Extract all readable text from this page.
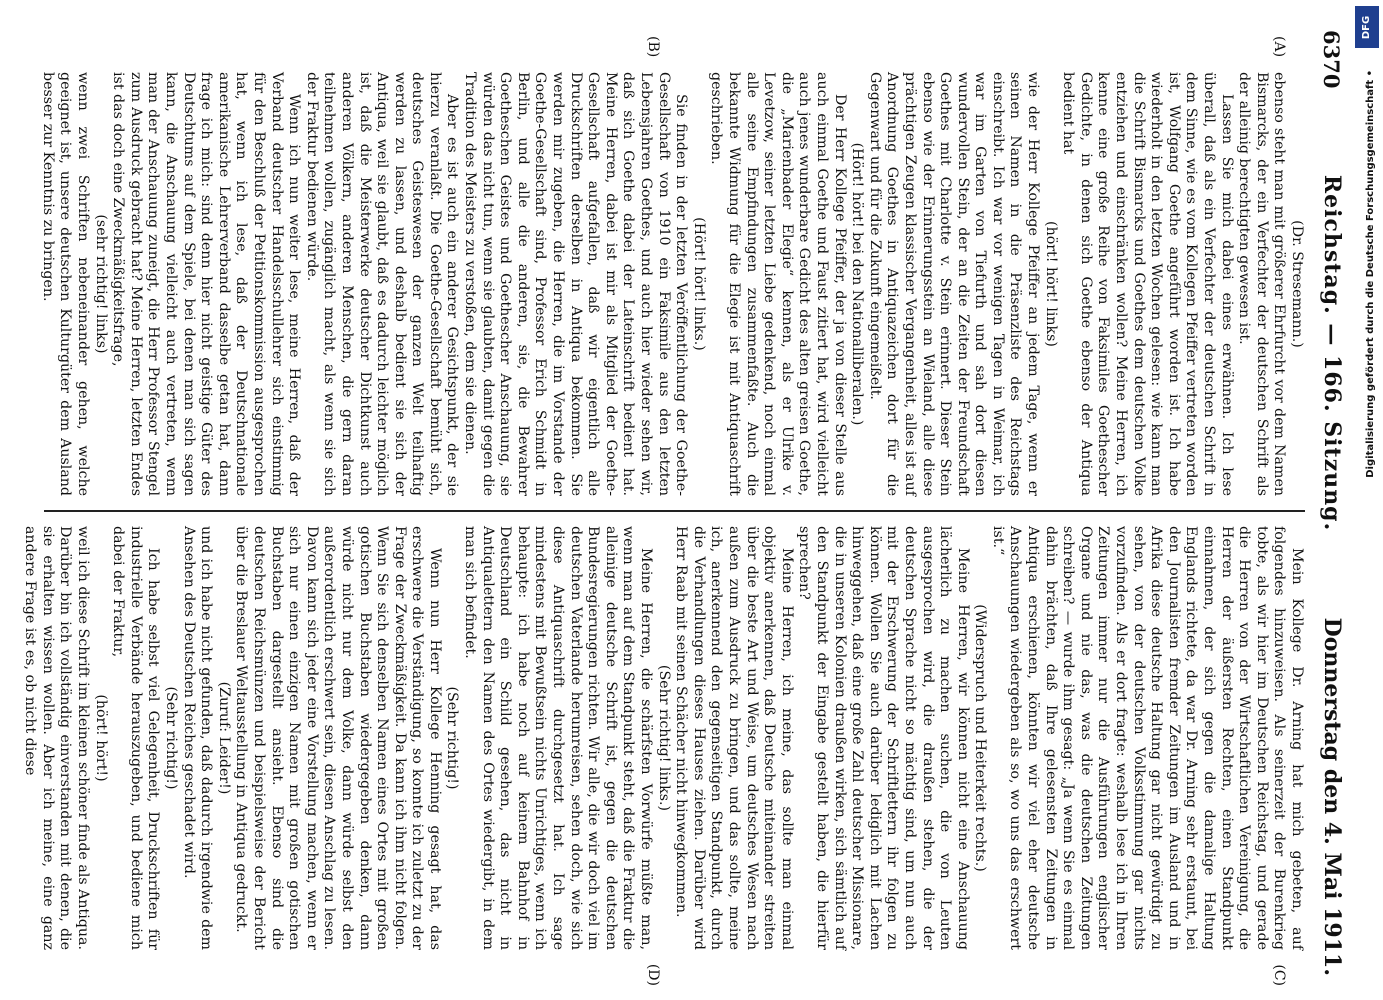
6370
Reichstag. — 166. Sitzung.
Donnerstag den 4. Mai 1911.
(A)
(B)
(C)
(D)

(Dr. Stresemann.)

ebenso steht man mit größerer Ehrfurcht vor dem Namen Bismarcks, der ein Verfechter der deutschen Schrift als der alleinig berechtigten gewesen ist.

Lassen Sie mich dabei eines erwähnen. Ich lese überall, daß als ein Verfechter der deutschen Schrift in dem Sinne, wie es vom Kollegen Pfeiffer vertreten worden ist, Wolfgang Goethe angeführt worden ist. Ich habe wiederholt in den letzten Wochen gelesen: wie kann man die Schrift Bismarcks und Goethes dem deutschen Volke entziehen und einschränken wollen? Meine Herren, ich kenne eine große Reihe von Faksimiles Goethescher Gedichte, in denen sich Goethe ebenso der Antiqua bedient hat

(hört! hört! links)

wie der Herr Kollege Pfeiffer an jedem Tage, wenn er seinen Namen in die Präsenzliste des Reichstags einschreibt. Ich war vor wenigen Tagen in Weimar, ich war im Garten von Tiefurth und sah dort diesen wundervollen Stein, der an die Zeiten der Freundschaft Goethes mit Charlotte v. Stein erinnert. Dieser Stein ebenso wie der Erinnerungsstein an Wieland, alle diese prächtigen Zeugen klassischer Vergangenheit, alles ist auf Anordnung Goethes in Antiquazeichen dort für die Gegenwart und für die Zukunft eingemeißelt.

(Hört! hört! bei den Nationalliberalen.)

Der Herr Kollege Pfeiffer, der ja von dieser Stelle aus auch einmal Goethe und Faust zitiert hat, wird vielleicht auch jenes wunderbare Gedicht des alten greisen Goethe, die „Marienbader Elegie“ kennen, als er Ulrike v. Levetzow, seiner letzten Liebe gedenkend, noch einmal alle seine Empfindungen zusammenfaßte. Auch die bekannte Widmung für die Elegie ist mit Antiquaschrift geschrieben.

(Hört! hört! links.)

Sie finden in der letzten Veröffentlichung der Goethe-Gesellschaft von 1910 ein Faksimile aus den letzten Lebensjahren Goethes, und auch hier wieder sehen wir, daß sich Goethe dabei der Lateinschrift bedient hat. Meine Herren, dabei ist mir als Mitglied der Goethe-Gesellschaft aufgefallen, daß wir eigentlich alle Druckschriften derselben in Antiqua bekommen. Sie werden mir zugeben, die Herren, die im Vorstande der Goethe-Gesellschaft sind, Professor Erich Schmidt in Berlin, und alle die anderen, sie, die Bewahrer Goetheschen Geistes und Goethescher Anschauung, sie würden das nicht tun, wenn sie glaubten, damit gegen die Tradition des Meisters zu verstoßen, dem sie dienen.

Aber es ist auch ein anderer Gesichtspunkt, der sie hierzu veranlaßt. Die Goethe-Gesellschaft bemüht sich, deutsches Geisteswesen der ganzen Welt teilhaftig werden zu lassen, und deshalb bedient sie sich der Antiqua, weil sie glaubt, daß es dadurch leichter möglich ist, daß die Meisterwerke deutscher Dichtkunst auch anderen Völkern, anderen Menschen, die gern daran teilnehmen wollen, zugänglich macht, als wenn sie sich der Fraktur bedienen würde.

Wenn ich nun weiter lese, meine Herren, daß der Verband deutscher Handelsschullehrer sich einstimmig für den Beschluß der Petitionskommission ausgesprochen hat, wenn ich lese, daß der Deutschnationale amerikanische Lehrerverband dasselbe getan hat, dann frage ich mich: sind denn hier nicht geistige Güter des Deutschtums auf dem Spiele, bei denen man sich sagen kann, die Anschauung vielleicht auch vertreten, wenn man der Anschauung zuneigt, die Herr Professor Stengel zum Ausdruck gebracht hat? Meine Herren, letzten Endes ist das doch eine Zweckmäßigkeitsfrage,

(sehr richtig! links)

wenn zwei Schriften nebeneinander gehen, welche geeignet ist, unsere deutschen Kulturgüter dem Ausland besser zur Kenntnis zu bringen.

Mein Kollege Dr. Arning hat mich gebeten, auf folgendes hinzuweisen. Als seinerzeit der Burenkrieg tobte, als wir hier im Deutschen Reichstag, und gerade die Herren von der Wirtschaftlichen Vereinigung, die Herren der äußersten Rechten, einen Standpunkt einnahmen, der sich gegen die damalige Haltung Englands richtete, da war Dr. Arning sehr erstaunt, bei den Journalisten fremder Zeitungen im Ausland und in Afrika diese deutsche Haltung gar nicht gewürdigt zu sehen, von der deutschen Volksstimmung gar nichts vorzufinden. Als er dort fragte: weshalb lese ich in Ihren Zeitungen immer nur die Ausführungen englischer Organe und nie das, was die deutschen Zeitungen schreiben? — wurde ihm gesagt: „Ja wenn Sie es einmal dahin brächten, daß Ihre gelesensten Zeitungen in Antiqua erschienen, könnten wir viel eher deutsche Anschauungen wiedergeben als so, wo uns das erschwert ist.“

(Widerspruch und Heiterkeit rechts.)

Meine Herren, wir können nicht eine Anschauung lächerlich zu machen suchen, die von Leuten ausgesprochen wird, die draußen stehen, die der deutschen Sprache nicht so mächtig sind, um nun auch mit der Erschwerung der Schriftlettern ihr folgen zu können. Wollen Sie auch darüber lediglich mit Lachen hinweggehen, daß eine große Zahl deutscher Missionare, die in unseren Kolonien draußen wirken, sich sämtlich auf den Standpunkt der Eingabe gestellt haben, die hierfür sprechen?

Meine Herren, ich meine, das sollte man einmal objektiv anerkennen, daß Deutsche miteinander streiten über die beste Art und Weise, um deutsches Wesen nach außen zum Ausdruck zu bringen, und das sollte, meine ich, anerkennend den gegenseitigen Standpunkt, durch die Verhandlungen dieses Hauses ziehen. Darüber wird Herr Raab mit seinen Schächer nicht hinwegkommen.

(Sehr richtig! links.)

Meine Herren, die schärfsten Vorwürfe müßte man, wenn man auf dem Standpunkt steht, daß die Fraktur die alleinige deutsche Schrift ist, gegen die deutschen Bundesregierungen richten. Wir alle, die wir doch viel im deutschen Vaterlande herumreisen, sehen doch, wie sich diese Antiquaschrift durchgesetzt hat. Ich sage mindestens mit Bewußtsein nichts Unrichtiges, wenn ich behaupte: ich habe noch auf keinem Bahnhof in Deutschland ein Schild gesehen, das nicht in Antiqualettern den Namen des Ortes wiedergibt, in dem man sich befindet.

(Sehr richtig!)

Wenn nun Herr Kollege Henning gesagt hat, das erschwere die Verständigung, so konnte ich zuletzt zu der Frage der Zweckmäßigkeit. Da kann ich ihm nicht folgen. Wenn Sie sich denselben Namen eines Ortes mit großen gotischen Buchstaben wiedergegeben denken, dann würde nicht nur dem Volke, dann würde selbst den außerordentlich erschwert sein, diesen Anschlag zu lesen. Davon kann sich jeder eine Vorstellung machen, wenn er sich nur einen einzigen Namen mit großen gotischen Buchstaben dargestellt ansieht. Ebenso sind die deutschen Reichsmünzen und beispielsweise der Bericht über die Breslauer Weltausstellung in Antiqua gedruckt.

(Zuruf: Leider!)

und ich habe nicht gefunden, daß dadurch irgendwie dem Ansehen des Deutschen Reiches geschadet wird.

(Sehr richtig!)

Ich habe selbst viel Gelegenheit, Druckschriften für industrielle Verbände herauszugeben, und bediene mich dabei der Fraktur,

(hört! hört!)

weil ich diese Schrift im kleinen schöner finde als Antiqua. Darüber bin ich vollständig einverstanden mit denen, die sie erhalten wissen wollen. Aber ich meine, eine ganz andere Frage ist es, ob nicht diese

DFG
Digitalisierung gefördert durch die Deutsche Forschungsgemeinschaft •
